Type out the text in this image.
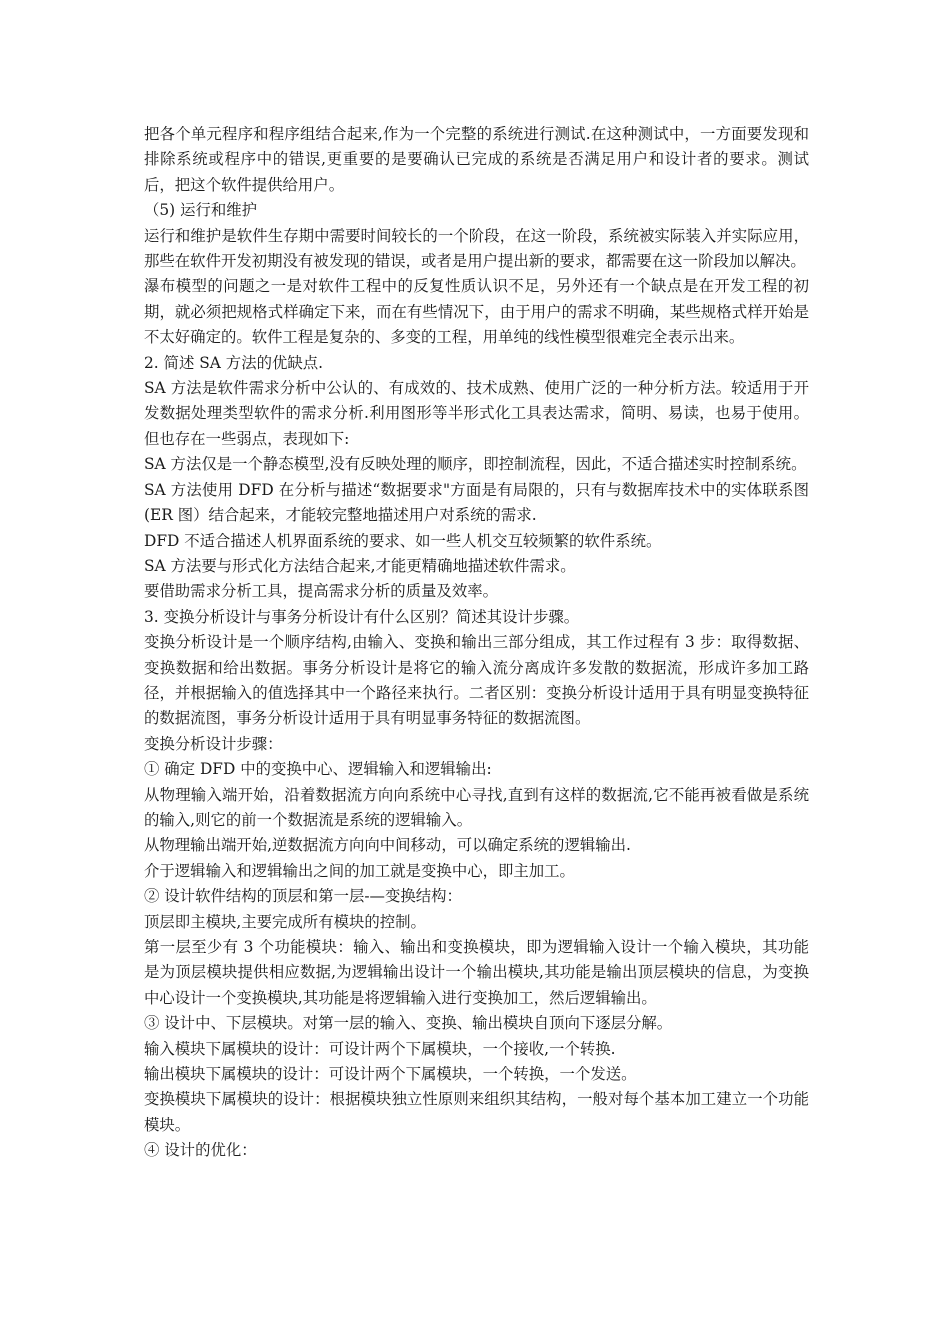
把各个单元程序和程序组结合起来,作为一个完整的系统进行测试.在这种测试中，一方面要发现和排除系统或程序中的错误,更重要的是要确认已完成的系统是否满足用户和设计者的要求。测试后，把这个软件提供给用户。

（5) 运行和维护

运行和维护是软件生存期中需要时间较长的一个阶段，在这一阶段，系统被实际装入并实际应用，那些在软件开发初期没有被发现的错误，或者是用户提出新的要求，都需要在这一阶段加以解决。

瀑布模型的问题之一是对软件工程中的反复性质认识不足，另外还有一个缺点是在开发工程的初期，就必须把规格式样确定下来，而在有些情况下，由于用户的需求不明确，某些规格式样开始是不太好确定的。软件工程是复杂的、多变的工程，用单纯的线性模型很难完全表示出来。

2. 简述 SA 方法的优缺点.

SA 方法是软件需求分析中公认的、有成效的、技术成熟、使用广泛的一种分析方法。较适用于开发数据处理类型软件的需求分析.利用图形等半形式化工具表达需求，简明、易读，也易于使用。但也存在一些弱点，表现如下:

SA 方法仅是一个静态模型,没有反映处理的顺序，即控制流程，因此，不适合描述实时控制系统。

SA 方法使用 DFD 在分析与描述“数据要求"方面是有局限的，只有与数据库技术中的实体联系图(ER 图）结合起来，才能较完整地描述用户对系统的需求.

DFD 不适合描述人机界面系统的要求、如一些人机交互较频繁的软件系统。

SA 方法要与形式化方法结合起来,才能更精确地描述软件需求。

要借助需求分析工具，提高需求分析的质量及效率。

3. 变换分析设计与事务分析设计有什么区别？简述其设计步骤。

变换分析设计是一个顺序结构,由输入、变换和输出三部分组成，其工作过程有 3 步：取得数据、变换数据和给出数据。事务分析设计是将它的输入流分离成许多发散的数据流，形成许多加工路径，并根据输入的值选择其中一个路径来执行。二者区别：变换分析设计适用于具有明显变换特征的数据流图，事务分析设计适用于具有明显事务特征的数据流图。

变换分析设计步骤：

① 确定 DFD 中的变换中心、逻辑输入和逻辑输出:

从物理输入端开始，沿着数据流方向向系统中心寻找,直到有这样的数据流,它不能再被看做是系统的输入,则它的前一个数据流是系统的逻辑输入。

从物理输出端开始,逆数据流方向向中间移动，可以确定系统的逻辑输出.

介于逻辑输入和逻辑输出之间的加工就是变换中心，即主加工。

② 设计软件结构的顶层和第一层-—变换结构：

顶层即主模块,主要完成所有模块的控制。

第一层至少有 3 个功能模块：输入、输出和变换模块，即为逻辑输入设计一个输入模块，其功能是为顶层模块提供相应数据,为逻辑输出设计一个输出模块,其功能是输出顶层模块的信息，为变换中心设计一个变换模块,其功能是将逻辑输入进行变换加工，然后逻辑输出。

③ 设计中、下层模块。对第一层的输入、变换、输出模块自顶向下逐层分解。

输入模块下属模块的设计：可设计两个下属模块，一个接收,一个转换.

输出模块下属模块的设计：可设计两个下属模块，一个转换，一个发送。

变换模块下属模块的设计：根据模块独立性原则来组织其结构，一般对每个基本加工建立一个功能模块。

④ 设计的优化：
